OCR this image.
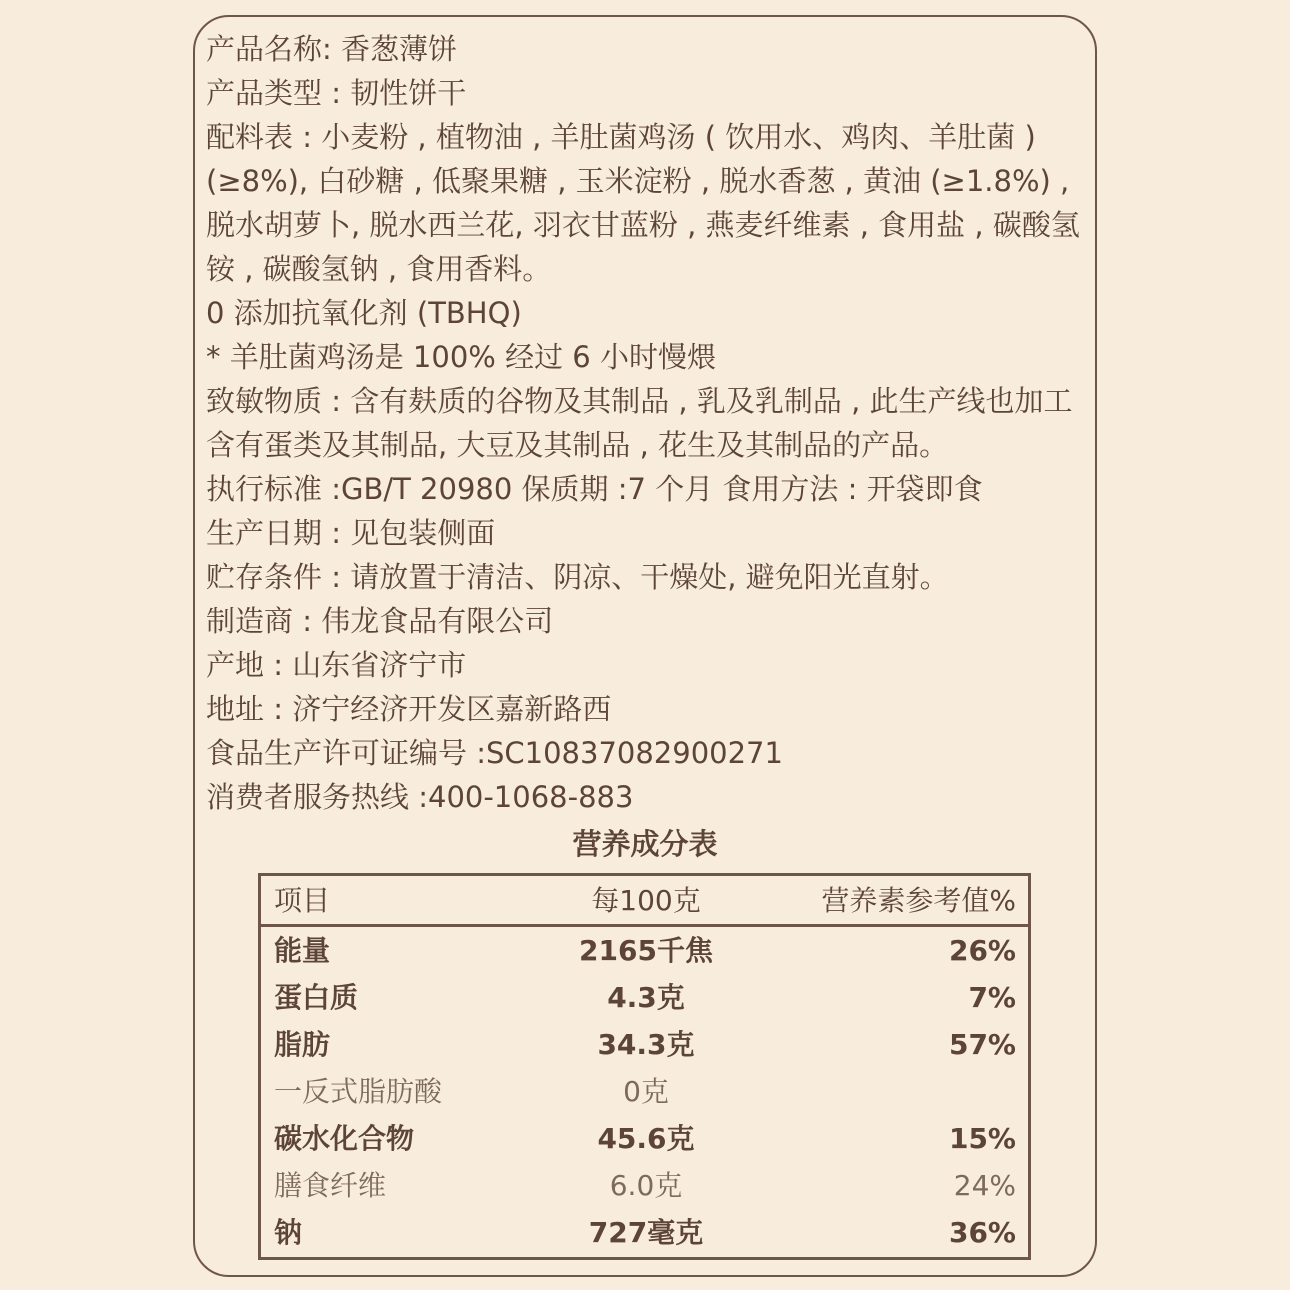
产品名称: 香葱薄饼

产品类型 : 韧性饼干

配料表 : 小麦粉 , 植物油 , 羊肚菌鸡汤 ( 饮用水、鸡肉、羊肚菌 )(≥8%), 白砂糖 , 低聚果糖 , 玉米淀粉 , 脱水香葱 , 黄油 (≥1.8%) , 脱水胡萝卜, 脱水西兰花, 羽衣甘蓝粉 , 燕麦纤维素 , 食用盐 , 碳酸氢铵 , 碳酸氢钠 , 食用香料。

0 添加抗氧化剂 (TBHQ)

* 羊肚菌鸡汤是 100% 经过 6 小时慢煨

致敏物质 : 含有麸质的谷物及其制品 , 乳及乳制品 , 此生产线也加工含有蛋类及其制品, 大豆及其制品 , 花生及其制品的产品。

执行标准 :GB/T 20980 保质期 :7 个月 食用方法 : 开袋即食

生产日期 : 见包装侧面

贮存条件 : 请放置于清洁、阴凉、干燥处, 避免阳光直射。

制造商 : 伟龙食品有限公司

产地 : 山东省济宁市

地址 : 济宁经济开发区嘉新路西

食品生产许可证编号 :SC10837082900271

消费者服务热线 :400-1068-883

营养成分表
项目	每100克	营养素参考值%
能量	2165千焦	26%
蛋白质	4.3克	7%
脂肪	34.3克	57%
一反式脂肪酸	0克
碳水化合物	45.6克	15%
膳食纤维	6.0克	24%
钠	727毫克	36%
